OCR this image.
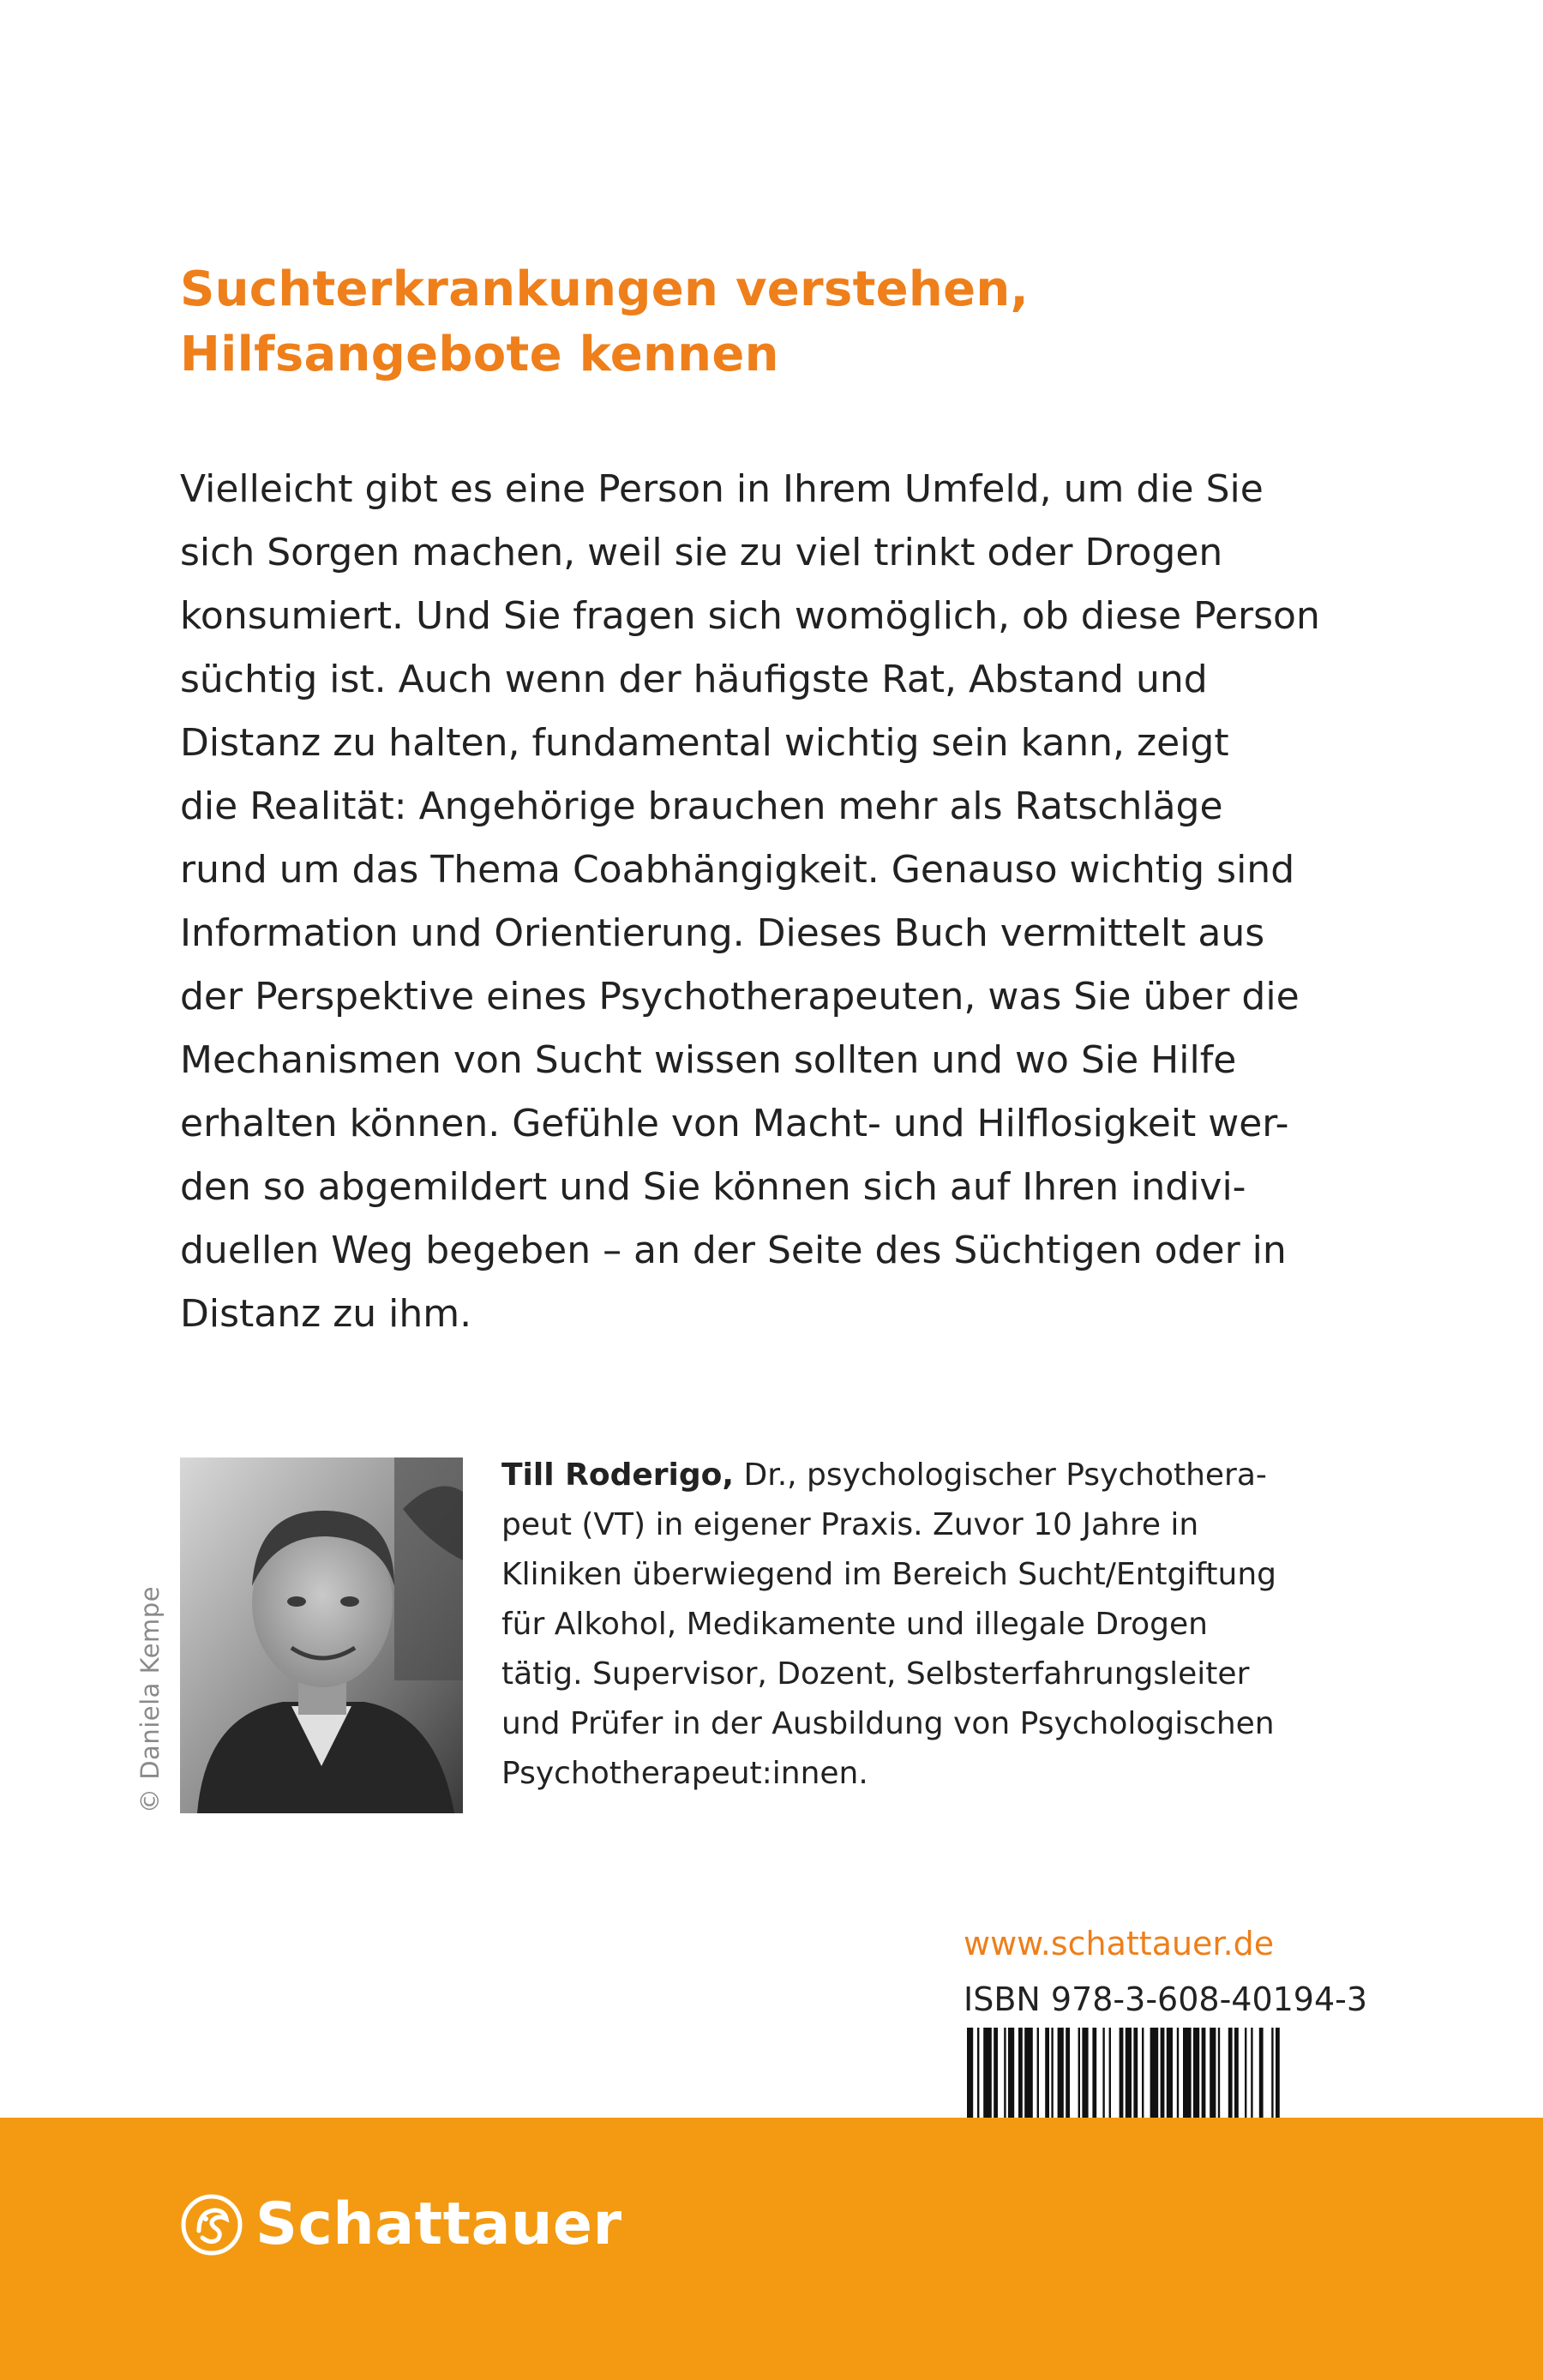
Suchterkrankungen verstehen,
Hilfsangebote kennen

Vielleicht gibt es eine Person in Ihrem Umfeld, um die Sie
sich Sorgen machen, weil sie zu viel trinkt oder Drogen
konsumiert. Und Sie fragen sich womöglich, ob diese Person
süchtig ist. Auch wenn der häufigste Rat, Abstand und
Distanz zu halten, fundamental wichtig sein kann, zeigt
die Realität: Angehörige brauchen mehr als Ratschläge
rund um das Thema Coabhängigkeit. Genauso wichtig sind
Information und Orientierung. Dieses Buch vermittelt aus
der Perspektive eines Psychotherapeuten, was Sie über die
Mechanismen von Sucht wissen sollten und wo Sie Hilfe
erhalten können. Gefühle von Macht- und Hilflosigkeit wer-
den so abgemildert und Sie können sich auf Ihren indivi-
duellen Weg begeben – an der Seite des Süchtigen oder in
Distanz zu ihm.

© Daniela Kempe
Till Roderigo, Dr., psychologischer Psychothera-
peut (VT) in eigener Praxis. Zuvor 10 Jahre in
Kliniken überwiegend im Bereich Sucht/Entgiftung
für Alkohol, Medikamente und illegale Drogen
tätig. Supervisor, Dozent, Selbsterfahrungsleiter
und Prüfer in der Ausbildung von Psychologischen
Psychotherapeut:innen.
www.schattauer.de
ISBN 978-3-608-40194-3
Schattauer
